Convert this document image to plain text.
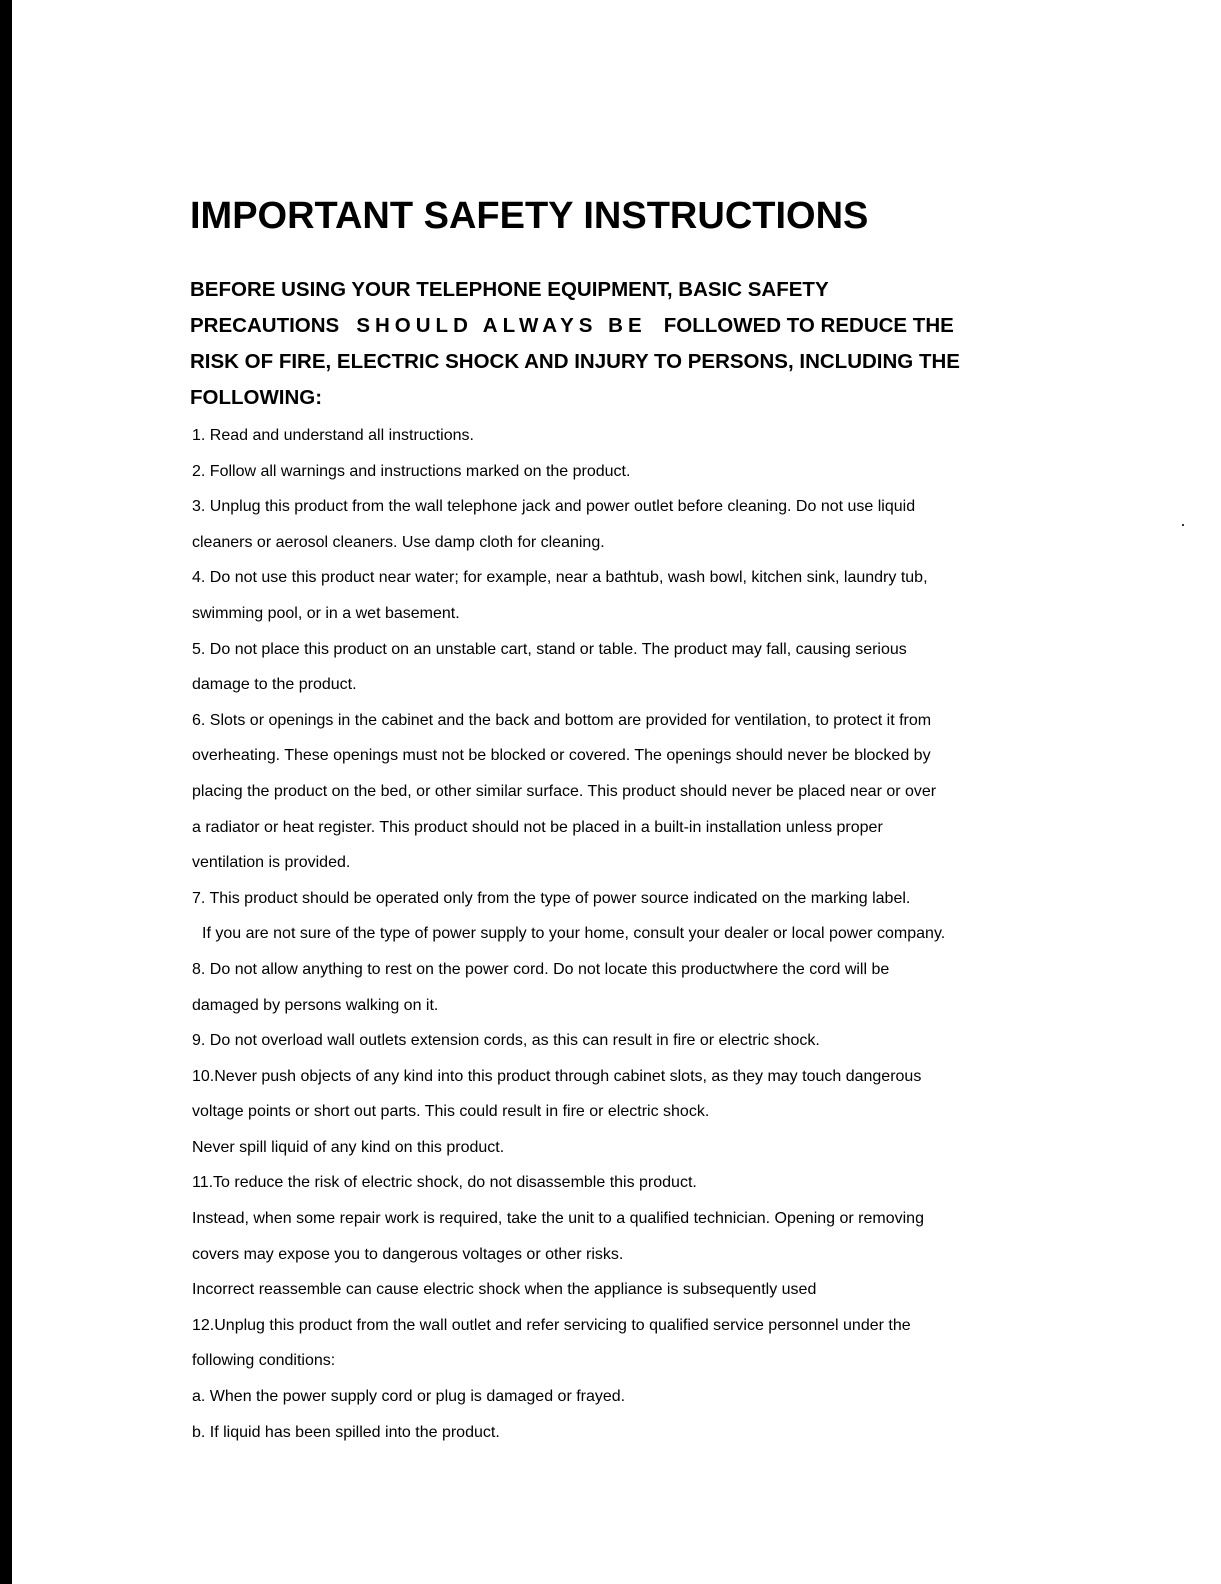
IMPORTANT SAFETY INSTRUCTIONS
BEFORE USING YOUR TELEPHONE EQUIPMENT, BASIC SAFETY
PRECAUTIONS SHOULD ALWAYS BE FOLLOWED TO REDUCE THE
RISK OF FIRE, ELECTRIC SHOCK AND INJURY TO PERSONS, INCLUDING THE
FOLLOWING:
1. Read and understand all instructions.
2. Follow all warnings and instructions marked on the product.
3. Unplug this product from the wall telephone jack and power outlet before cleaning. Do not use liquid
cleaners or aerosol cleaners. Use damp cloth for cleaning.
4. Do not use this product near water; for example, near a bathtub, wash bowl, kitchen sink, laundry tub,
swimming pool, or in a wet basement.
5. Do not place this product on an unstable cart, stand or table. The product may fall, causing serious
damage to the product.
6. Slots or openings in the cabinet and the back and bottom are provided for ventilation, to protect it from
overheating. These openings must not be blocked or covered. The openings should never be blocked by
placing the product on the bed, or other similar surface. This product should never be placed near or over
a radiator or heat register. This product should not be placed in a built-in installation unless proper
ventilation is provided.
7. This product should be operated only from the type of power source indicated on the marking label.
If you are not sure of the type of power supply to your home, consult your dealer or local power company.
8. Do not allow anything to rest on the power cord. Do not locate this productwhere the cord will be
damaged by persons walking on it.
9. Do not overload wall outlets extension cords, as this can result in fire or electric shock.
10.Never push objects of any kind into this product through cabinet slots, as they may touch dangerous
voltage points or short out parts. This could result in fire or electric shock.
Never spill liquid of any kind on this product.
11.To reduce the risk of electric shock, do not disassemble this product.
Instead, when some repair work is required, take the unit to a qualified technician. Opening or removing
covers may expose you to dangerous voltages or other risks.
Incorrect reassemble can cause electric shock when the appliance is subsequently used
12.Unplug this product from the wall outlet and refer servicing to qualified service personnel under the
following conditions:
a. When the power supply cord or plug is damaged or frayed.
b. If liquid has been spilled into the product.
